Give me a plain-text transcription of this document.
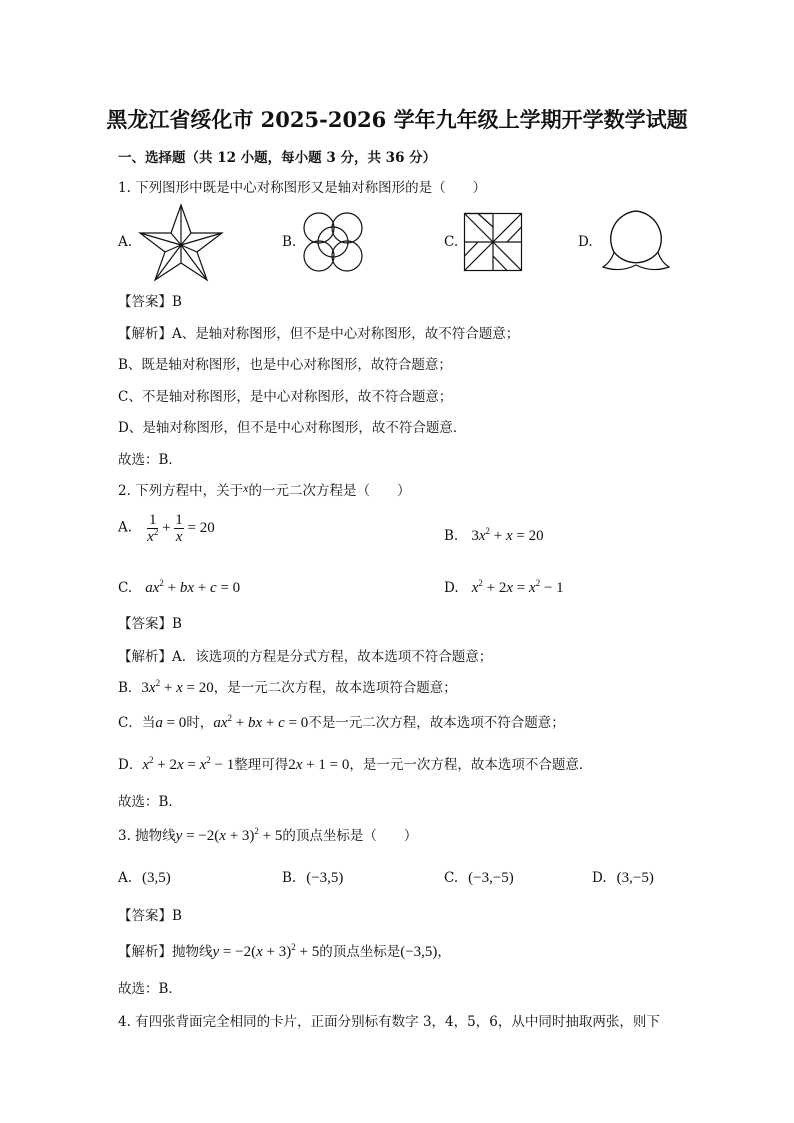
黑龙江省绥化市 2025-2026 学年九年级上学期开学数学试题
一、选择题（共 12 小题，每小题 3 分，共 36 分）
1. 下列图形中既是中心对称图形又是轴对称图形的是（　　）
A.	B.	C.	D.
【答案】B
【解析】A、是轴对称图形，但不是中心对称图形，故不符合题意；
B、既是轴对称图形，也是中心对称图形，故符合题意；
C、不是轴对称图形，是中心对称图形，故不符合题意；
D、是轴对称图形，但不是中心对称图形，故不符合题意．
故选：B．
2. 下列方程中，关于x的一元二次方程是（　　）
A. $\frac{1}{x^2} + \frac{1}{x} = 20$
B. $3x^2 + x = 20$
C. $ax^2$ + bx + c = 0	D. $x^2 + 2x = x^2 - 1$
【答案】B
【解析】A．该选项的方程是分式方程，故本选项不符合题意；
B．$3x^2 + x = 20$，是一元二次方程，故本选项符合题意；
C．当a = 0时，$ax^2$ + bx + c = 0不是一元二次方程，故本选项不符合题意；
D．$x^2 + 2x = x^2 - 1$整理可得2x + 1 = 0，是一元一次方程，故本选项不合题意．
故选：B．
3. 抛物线$y = -2(x + 3)^2 + 5$的顶点坐标是（　　）
A. (3,5)	B. (−3,5)	C. (−3,−5)	D. (3,−5)
【答案】B
【解析】抛物线$y = -2(x + 3)^2 + 5$的顶点坐标是(−3,5)，
故选：B．
4. 有四张背面完全相同的卡片，正面分别标有数字 3，4，5，6，从中同时抽取两张，则下
